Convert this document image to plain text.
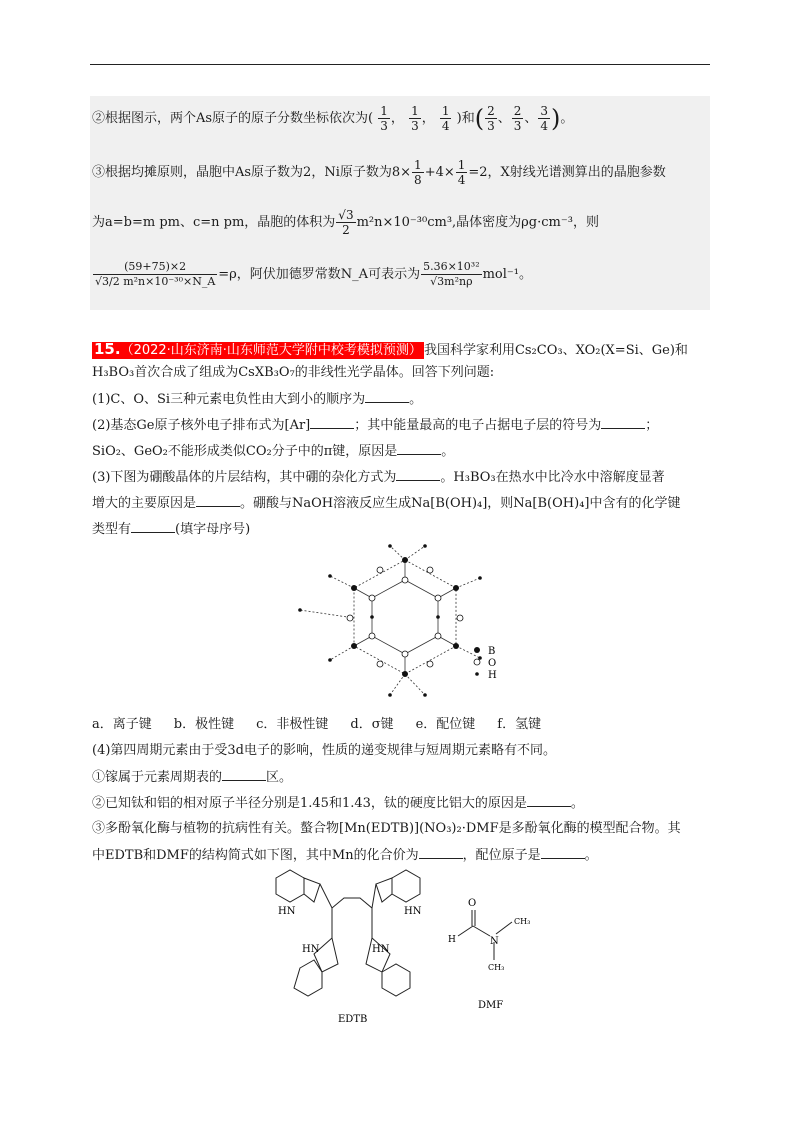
②根据图示，两个As原子的原子分数坐标依次为( $\frac{1}{3}$ ， $\frac{1}{3}$ ， $\frac{1}{4}$ )和( $\frac{2}{3}$ 、 $\frac{2}{3}$ 、 $\frac{3}{4}$ )。
③根据均摊原则，晶胞中As原子数为2，Ni原子数为$8\times \frac{1}{8} +4\times \frac{1}{4} =2$，X射线光谱测算出的晶胞参数
为a=b=m pm、c=n pm，晶胞的体积为 $\frac{√3}{2} m^2n\times 10^{-30}cm^3$,晶体密度为ρg·cm⁻³，则
$\frac{(59+75)\times 2}{\text{√3/2 m²n×10⁻³⁰×N\_A}} =\rho$，阿伏加德罗常数N_A可表示为 $\frac{\text{5.36×10³²}}{\text{√3m²nρ}} mol^{-1}$。
15.（2022·山东济南·山东师范大学附中校考模拟预测） 我国科学家利用Cs₂CO₃、XO₂(X=Si、Ge)和
H₃BO₃首次合成了组成为CsXB₃O₇的非线性光学晶体。回答下列问题:
(1)C、O、Si三种元素电负性由大到小的顺序为	。
(2)基态Ge原子核外电子排布式为[Ar]	；其中能量最高的电子占据电子层的符号为	；
SiO₂、GeO₂不能形成类似CO₂分子中的π键，原因是	。
(3)下图为硼酸晶体的片层结构，其中硼的杂化方式为	。H₃BO₃在热水中比冷水中溶解度显著
增大的主要原因是	。硼酸与NaOH溶液反应生成Na[B(OH)₄]，则Na[B(OH)₄]中含有的化学键
类型有	(填字母序号)
B
O
H
a．离子键 b．极性键 c．非极性键 d．σ键 e．配位键 f．氢键
(4)第四周期元素由于受3d电子的影响，性质的递变规律与短周期元素略有不同。
①镓属于元素周期表的	区。
②已知钛和铝的相对原子半径分别是1.45和1.43，钛的硬度比铝大的原因是	。
③多酚氧化酶与植物的抗病性有关。螯合物[Mn(EDTB)](NO₃)₂·DMF是多酚氧化酶的模型配合物。其
中EDTB和DMF的结构简式如下图，其中Mn的化合价为	，配位原子是	。
HN	HN
HN	HN
EDTB
O
N
CH₃
CH₃
H
DMF
